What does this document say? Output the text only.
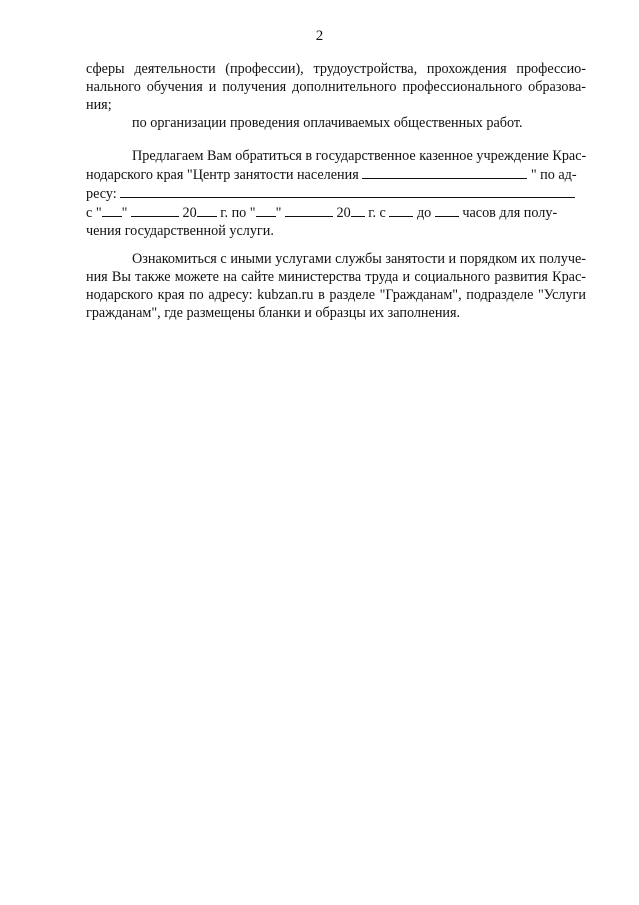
2
сферы деятельности (профессии), трудоустройства, прохождения профессио-
нального обучения и получения дополнительного профессионального образова-
ния;
по организации проведения оплачиваемых общественных работ.
Предлагаем Вам обратиться в государственное казенное учреждение Крас-
нодарского края "Центр занятости населения	" по ад-
ресу:
с " "	20 г. по " "	20 г. с до часов для полу-
чения государственной услуги.
Ознакомиться с иными услугами службы занятости и порядком их получе-
ния Вы также можете на сайте министерства труда и социального развития Крас-
нодарского края по адресу: kubzan.ru в разделе "Гражданам", подразделе "Услуги
гражданам", где размещены бланки и образцы их заполнения.
